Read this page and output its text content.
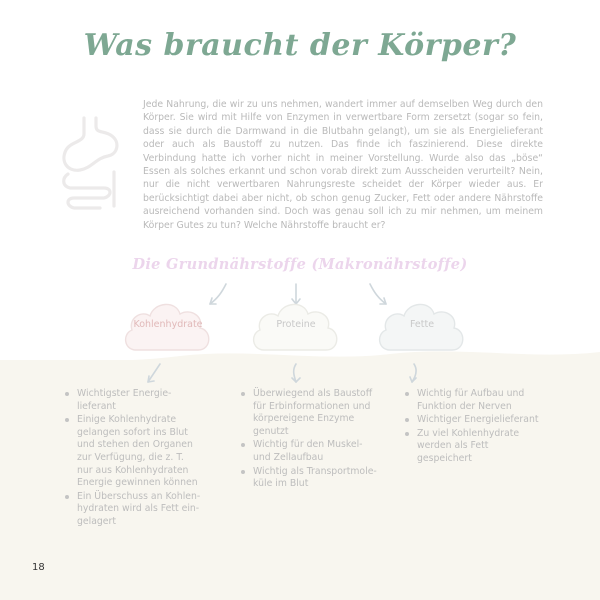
Was braucht der Körper?

Jede Nahrung, die wir zu uns nehmen, wandert immer auf demselben Weg durch den Körper. Sie wird mit Hilfe von Enzymen in verwertbare Form zersetzt (sogar so fein, dass sie durch die Darmwand in die Blutbahn gelangt), um sie als Energielieferant oder auch als Baustoff zu nutzen. Das finde ich faszinierend. Diese direkte Verbindung hatte ich vorher nicht in meiner Vorstellung. Wurde also das „böse“ Essen als solches erkannt und schon vorab direkt zum Ausscheiden verurteilt? Nein, nur die nicht verwertbaren Nahrungsreste scheidet der Körper wieder aus. Er berücksichtigt dabei aber nicht, ob schon genug Zucker, Fett oder andere Nährstoffe ausreichend vorhanden sind. Doch was genau soll ich zu mir nehmen, um meinem Körper Gutes zu tun? Welche Nährstoffe braucht er?

Die Grundnährstoffe (Makronährstoffe)
Kohlenhydrate	Proteine	Fette
Wichtigster Energie-
lieferant
Einige Kohlenhydrate
gelangen sofort ins Blut
und stehen den Organen
zur Verfügung, die z. T.
nur aus Kohlenhydraten
Energie gewinnen können
Ein Überschuss an Kohlen-
hydraten wird als Fett ein-
gelagert
Überwiegend als Baustoff
für Erbinformationen und
körpereigene Enzyme
genutzt
Wichtig für den Muskel-
und Zellaufbau
Wichtig als Transportmole-
küle im Blut
Wichtig für Aufbau und
Funktion der Nerven
Wichtiger Energielieferant
Zu viel Kohlenhydrate
werden als Fett
gespeichert
18
